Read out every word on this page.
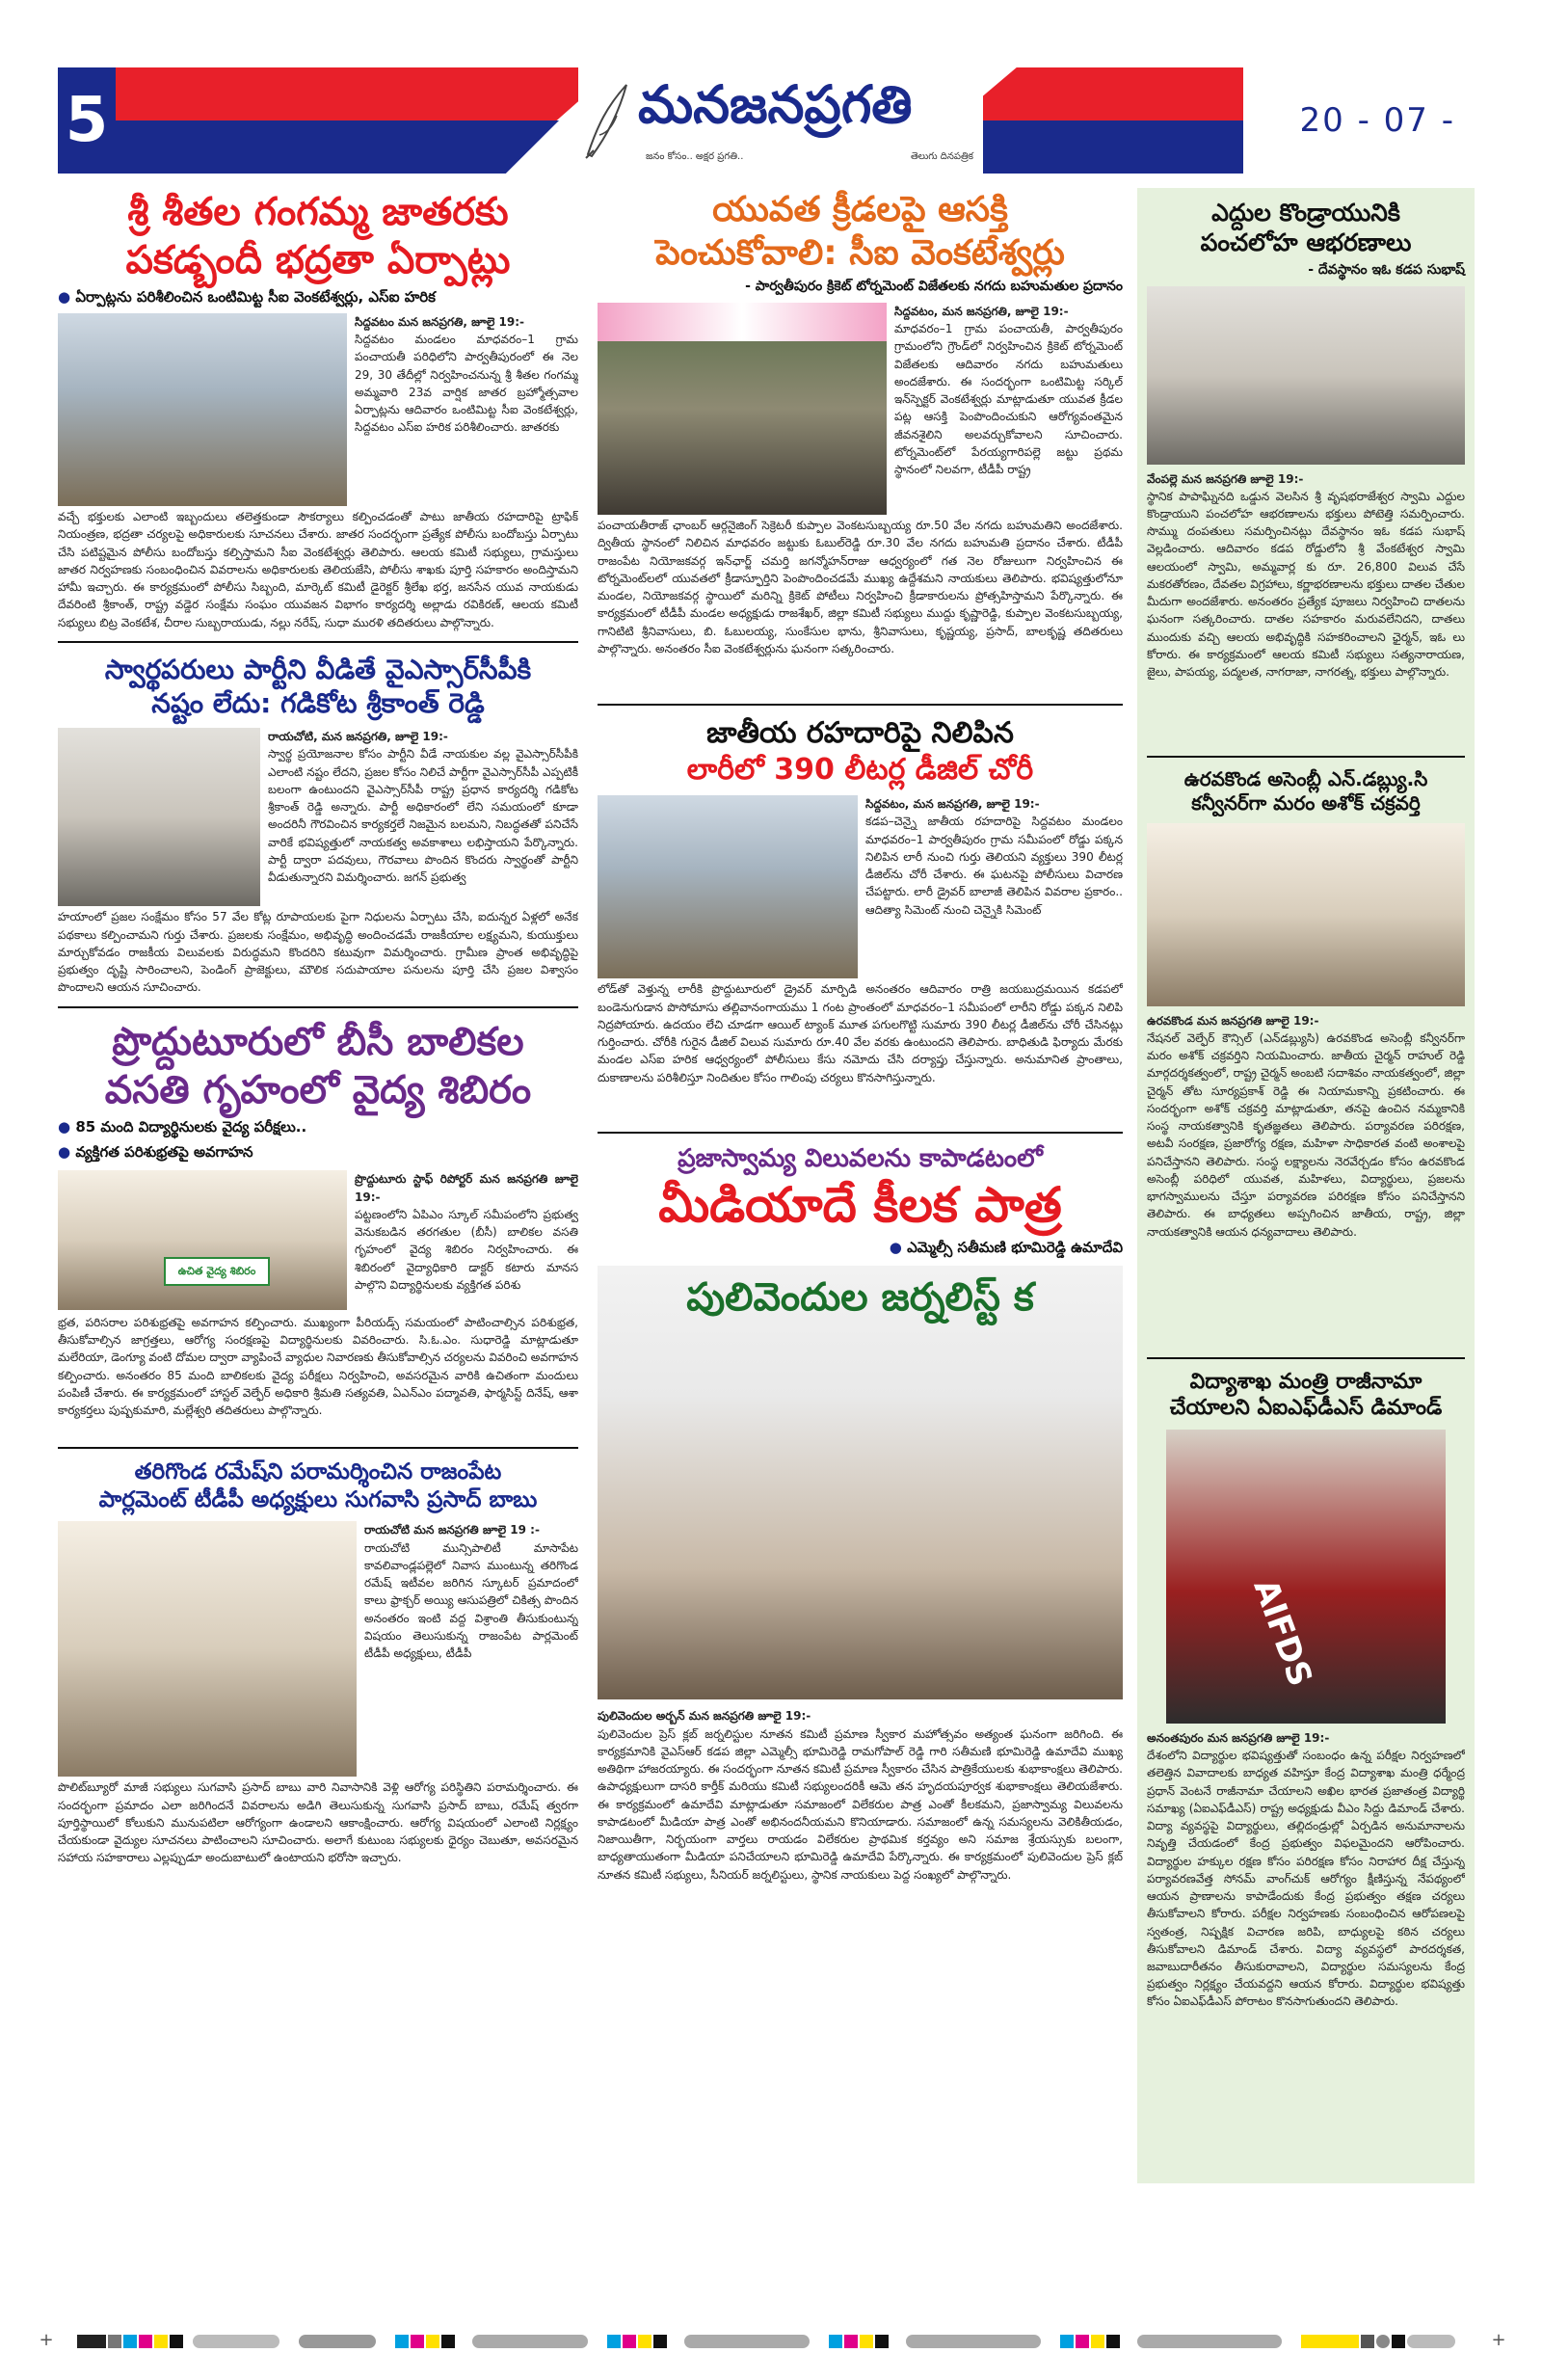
5	మనజనప్రగతి
జనం కోసం.. అక్షర ప్రగతి..	తెలుగు దినపత్రిక
20 - 07 -
శ్రీ శీతల గంగమ్మ జాతరకు
పకడ్బందీ భద్రతా ఏర్పాట్లు
● ఏర్పాట్లను పరిశీలించిన ఒంటిమిట్ట సీఐ వెంకటేశ్వర్లు, ఎస్ఐ హరిక
సిద్దవటం మన జనప్రగతి, జూలై 19:-
సిద్దవటం మండలం మాధవరం–1 గ్రామ పంచాయతీ పరిధిలోని పార్వతీపురంలో ఈ నెల 29, 30 తేదీల్లో నిర్వహించనున్న శ్రీ శీతల గంగమ్మ అమ్మవారి 23వ వార్షిక జాతర బ్రహ్మోత్సవాల ఏర్పాట్లను ఆదివారం ఒంటిమిట్ట సీఐ వెంకటేశ్వర్లు, సిద్దవటం ఎస్ఐ హరిక పరిశీలించారు. జాతరకు
వచ్చే భక్తులకు ఎలాంటి ఇబ్బందులు తలెత్తకుండా సౌకర్యాలు కల్పించడంతో పాటు జాతీయ రహదారిపై ట్రాఫిక్ నియంత్రణ, భద్రతా చర్యలపై అధికారులకు సూచనలు చేశారు. జాతర సందర్భంగా ప్రత్యేక పోలీసు బందోబస్తు ఏర్పాటు చేసి పటిష్టమైన పోలీసు బందోబస్తు కల్పిస్తామని సీఐ వెంకటేశ్వర్లు తెలిపారు. ఆలయ కమిటీ సభ్యులు, గ్రామస్తులు జాతర నిర్వహణకు సంబంధించిన వివరాలను అధికారులకు తెలియజేసి, పోలీసు శాఖకు పూర్తి సహకారం అందిస్తామని హామీ ఇచ్చారు. ఈ కార్యక్రమంలో పోలీసు సిబ్బంది, మార్కెట్ కమిటీ డైరెక్టర్ శ్రీలేఖ భర్త, జనసేన యువ నాయకుడు దేవరింటి శ్రీకాంత్, రాష్ట్ర వడ్డెర సంక్షేమ సంఘం యువజన విభాగం కార్యదర్శి అల్లాడు రవికిరణ్, ఆలయ కమిటీ సభ్యులు బిట్ర వెంకటేశ, చీరాల సుబ్బరాయుడు, నల్లు నరేష్, సుధా మురళి తదితరులు పాల్గొన్నారు.
స్వార్థపరులు పార్టీని వీడితే వైఎస్సార్‌సీపీకి
నష్టం లేదు: గడికోట శ్రీకాంత్ రెడ్డి
రాయచోటి, మన జనప్రగతి, జూలై 19:-
స్వార్థ ప్రయోజనాల కోసం పార్టీని వీడే నాయకుల వల్ల వైఎస్సార్‌సీపీకి ఎలాంటి నష్టం లేదని, ప్రజల కోసం నిలిచే పార్టీగా వైఎస్సార్‌సీపీ ఎప్పటికీ బలంగా ఉంటుందని వైఎస్సార్‌సీపీ రాష్ట్ర ప్రధాన కార్యదర్శి గడికోట శ్రీకాంత్ రెడ్డి అన్నారు. పార్టీ అధికారంలో లేని సమయంలో కూడా అందరినీ గౌరవించిన కార్యకర్తలే నిజమైన బలమని, నిబద్ధతతో పనిచేసే వారికే భవిష్యత్తులో నాయకత్వ అవకాశాలు లభిస్తాయని పేర్కొన్నారు. పార్టీ ద్వారా పదవులు, గౌరవాలు పొందిన కొందరు స్వార్థంతో పార్టీని వీడుతున్నారని విమర్శించారు. జగన్ ప్రభుత్వ
హయాంలో ప్రజల సంక్షేమం కోసం 57 వేల కోట్ల రూపాయలకు పైగా నిధులను ఏర్పాటు చేసి, ఐదున్నర ఏళ్లలో అనేక పథకాలు కల్పించామని గుర్తు చేశారు. ప్రజలకు సంక్షేమం, అభివృద్ధి అందించడమే రాజకీయాల లక్ష్యమని, కుయుక్తులు మార్చుకోవడం రాజకీయ విలువలకు విరుద్ధమని కొందరిని కటువుగా విమర్శించారు. గ్రామీణ ప్రాంత అభివృద్ధిపై ప్రభుత్వం దృష్టి సారించాలని, పెండింగ్ ప్రాజెక్టులు, మౌలిక సదుపాయాల పనులను పూర్తి చేసి ప్రజల విశ్వాసం పొందాలని ఆయన సూచించారు.
ప్రొద్దుటూరులో బీసీ బాలికల
వసతి గృహంలో వైద్య శిబిరం
● 85 మంది విద్యార్థినులకు వైద్య పరీక్షలు..
● వ్యక్తిగత పరిశుభ్రతపై అవగాహన
ఉచిత వైద్య శిబిరం
ప్రొద్దుటూరు స్టాఫ్ రిపోర్టర్ మన జనప్రగతి జూలై 19:-
పట్టణంలోని ఏపిఎం స్కూల్ సమీపంలోని ప్రభుత్వ వెనుకబడిన తరగతుల (బీసీ) బాలికల వసతి గృహంలో వైద్య శిబిరం నిర్వహించారు. ఈ శిబిరంలో వైద్యాధికారి డాక్టర్ కటారు మానస పాల్గొని విద్యార్థినులకు వ్యక్తిగత పరిశు
భ్రత, పరిసరాల పరిశుభ్రతపై అవగాహన కల్పించారు. ముఖ్యంగా పీరియడ్స్ సమయంలో పాటించాల్సిన పరిశుభ్రత, తీసుకోవాల్సిన జాగ్రత్తలు, ఆరోగ్య సంరక్షణపై విద్యార్థినులకు వివరించారు. సి.ఓ.ఎం. సుధారెడ్డి మాట్లాడుతూ మలేరియా, డెంగ్యూ వంటి దోమల ద్వారా వ్యాపించే వ్యాధుల నివారణకు తీసుకోవాల్సిన చర్యలను వివరించి అవగాహన కల్పించారు. అనంతరం 85 మంది బాలికలకు వైద్య పరీక్షలు నిర్వహించి, అవసరమైన వారికి ఉచితంగా మందులు పంపిణీ చేశారు. ఈ కార్యక్రమంలో హాస్టల్ వెల్ఫేర్ అధికారి శ్రీమతి సత్యవతి, ఏఎన్ఎం పద్మావతి, ఫార్మసిస్ట్ దినేష్, ఆశా కార్యకర్తలు పుష్పకుమారి, మల్లేశ్వరి తదితరులు పాల్గొన్నారు.
తరిగొండ రమేష్‌ని పరామర్శించిన రాజంపేట
పార్లమెంట్ టీడీపీ అధ్యక్షులు సుగవాసి ప్రసాద్ బాబు
రాయచోటి మన జనప్రగతి జూలై 19 :-
రాయచోటి మున్సిపాలిటీ మాసాపేట కావలివాండ్లపల్లెలో నివాస ముంటున్న తరిగొండ రమేష్ ఇటీవల జరిగిన స్కూటర్ ప్రమాదంలో కాలు ఫ్రాక్చర్ అయ్యి ఆసుపత్రిలో చికిత్స పొందిన అనంతరం ఇంటి వద్ద విశ్రాంతి తీసుకుంటున్న విషయం తెలుసుకున్న రాజంపేట పార్లమెంట్ టీడీపీ అధ్యక్షులు, టీడీపీ
పొలిట్‌బ్యూరో మాజీ సభ్యులు సుగవాసి ప్రసాద్ బాబు వారి నివాసానికి వెళ్లి ఆరోగ్య పరిస్థితిని పరామర్శించారు. ఈ సందర్భంగా ప్రమాదం ఎలా జరిగిందనే వివరాలను అడిగి తెలుసుకున్న సుగవాసి ప్రసాద్ బాబు, రమేష్ త్వరగా పూర్తిస్థాయిలో కోలుకుని మునుపటిలా ఆరోగ్యంగా ఉండాలని ఆకాంక్షించారు. ఆరోగ్య విషయంలో ఎలాంటి నిర్లక్ష్యం చేయకుండా వైద్యుల సూచనలు పాటించాలని సూచించారు. అలాగే కుటుంబ సభ్యులకు ధైర్యం చెబుతూ, అవసరమైన సహాయ సహకారాలు ఎల్లప్పుడూ అందుబాటులో ఉంటాయని భరోసా ఇచ్చారు.
యువత క్రీడలపై ఆసక్తి
పెంచుకోవాలి: సీఐ వెంకటేశ్వర్లు
- పార్వతీపురం క్రికెట్ టోర్నమెంట్ విజేతలకు నగదు బహుమతుల ప్రదానం
సిద్దవటం, మన జనప్రగతి, జూలై 19:-
మాధవరం–1 గ్రామ పంచాయతీ, పార్వతీపురం గ్రామంలోని గ్రౌండ్‌లో నిర్వహించిన క్రికెట్ టోర్నమెంట్ విజేతలకు ఆదివారం నగదు బహుమతులు అందజేశారు. ఈ సందర్భంగా ఒంటిమిట్ట సర్కిల్ ఇన్‌స్పెక్టర్ వెంకటేశ్వర్లు మాట్లాడుతూ యువత క్రీడల పట్ల ఆసక్తి పెంపొందించుకుని ఆరోగ్యవంతమైన జీవనశైలిని అలవర్చుకోవాలని సూచించారు. టోర్నమెంట్‌లో పేరయ్యగారిపల్లె జట్టు ప్రథమ స్థానంలో నిలవగా, టీడీపీ రాష్ట్ర
పంచాయతీరాజ్ ఛాంబర్ ఆర్గనైజింగ్ సెక్రెటరీ కుప్పాల వెంకటసుబ్బయ్య రూ.50 వేల నగదు బహుమతిని అందజేశారు. ద్వితీయ స్థానంలో నిలిచిన మాధవరం జట్టుకు ఓబుల్‌రెడ్డి రూ.30 వేల నగదు బహుమతి ప్రదానం చేశారు. టీడీపీ రాజంపేట నియోజకవర్గ ఇన్‌ఛార్జ్ చమర్తి జగన్మోహన్‌రాజు ఆధ్వర్యంలో గత నెల రోజులుగా నిర్వహించిన ఈ టోర్నమెంట్‌లలో యువతలో క్రీడాస్ఫూర్తిని పెంపొందించడమే ముఖ్య ఉద్దేశమని నాయకులు తెలిపారు. భవిష్యత్తులోనూ మండల, నియోజకవర్గ స్థాయిలో మరిన్ని క్రికెట్ పోటీలు నిర్వహించి క్రీడాకారులను ప్రోత్సహిస్తామని పేర్కొన్నారు. ఈ కార్యక్రమంలో టీడీపీ మండల అధ్యక్షుడు రాజశేఖర్, జిల్లా కమిటీ సభ్యులు ముద్దు కృష్ణారెడ్డి, కుప్పాల వెంకటసుబ్బయ్య, గానిటిటి శ్రీనివాసులు, బి. ఓబులయ్య, సుంకేసుల భాను, శ్రీనివాసులు, కృష్ణయ్య, ప్రసాద్, బాలకృష్ణ తదితరులు పాల్గొన్నారు. అనంతరం సీఐ వెంకటేశ్వర్లును ఘనంగా సత్కరించారు.
జాతీయ రహదారిపై నిలిపిన
లారీలో 390 లీటర్ల డీజిల్ చోరీ
సిద్దవటం, మన జనప్రగతి, జూలై 19:-
కడప–చెన్నై జాతీయ రహదారిపై సిద్దవటం మండలం మాధవరం–1 పార్వతీపురం గ్రామ సమీపంలో రోడ్డు పక్కన నిలిపిన లారీ నుంచి గుర్తు తెలియని వ్యక్తులు 390 లీటర్ల డీజిల్‌ను చోరీ చేశారు. ఈ ఘటనపై పోలీసులు విచారణ చేపట్టారు. లారీ డ్రైవర్ బాలాజీ తెలిపిన వివరాల ప్రకారం.. ఆదిత్యా సిమెంట్ నుంచి చెన్నైకి సిమెంట్
లోడ్‌తో వెళ్తున్న లారీకి ప్రొద్దుటూరులో డ్రైవర్ మార్పిడి అనంతరం ఆదివారం రాత్రి జయబుద్రమయిన కడపలో బండెనుగుడాన పొసోమాసు తల్లివానంగాయము 1 గంట ప్రాంతంలో మాధవరం–1 సమీపంలో లారీని రోడ్డు పక్కన నిలిపి నిద్రపోయారు. ఉదయం లేచి చూడగా ఆయిల్ ట్యాంక్ మూత పగులగొట్టి సుమారు 390 లీటర్ల డీజిల్‌ను చోరీ చేసినట్లు గుర్తించారు. చోరీకి గురైన డీజిల్ విలువ సుమారు రూ.40 వేల వరకు ఉంటుందని తెలిపారు. బాధితుడి ఫిర్యాదు మేరకు మండల ఎస్ఐ హరిక ఆధ్వర్యంలో పోలీసులు కేసు నమోదు చేసి దర్యాప్తు చేస్తున్నారు. అనుమానిత ప్రాంతాలు, దుకాణాలను పరిశీలిస్తూ నిందితుల కోసం గాలింపు చర్యలు కొనసాగిస్తున్నారు.
ప్రజాస్వామ్య విలువలను కాపాడటంలో
మీడియాదే కీలక పాత్ర
● ఎమ్మెల్సీ సతీమణి భూమిరెడ్డి ఉమాదేవి
పులివెందుల జర్నలిస్ట్ క
పులివెందుల అర్బన్ మన జనప్రగతి జూలై 19:-
పులివెందుల ప్రెస్ క్లబ్ జర్నలిస్టుల నూతన కమిటీ ప్రమాణ స్వీకార మహోత్సవం అత్యంత ఘనంగా జరిగింది. ఈ కార్యక్రమానికి వైఎస్ఆర్ కడప జిల్లా ఎమ్మెల్సీ భూమిరెడ్డి రామగోపాల్ రెడ్డి గారి సతీమణి భూమిరెడ్డి ఉమాదేవి ముఖ్య అతిథిగా హాజరయ్యారు. ఈ సందర్భంగా నూతన కమిటీ ప్రమాణ స్వీకారం చేసిన పాత్రికేయులకు శుభాకాంక్షలు తెలిపారు. ఉపాధ్యక్షులుగా దాసరి కార్తీక్ మరియు కమిటీ సభ్యులందరికీ ఆమె తన హృదయపూర్వక శుభాకాంక్షలు తెలియజేశారు. ఈ కార్యక్రమంలో ఉమాదేవి మాట్లాడుతూ సమాజంలో విలేకరుల పాత్ర ఎంతో కీలకమని, ప్రజాస్వామ్య విలువలను కాపాడటంలో మీడియా పాత్ర ఎంతో అభినందనీయమని కొనియాడారు. సమాజంలో ఉన్న సమస్యలను వెలికితీయడం, నిజాయితీగా, నిర్భయంగా వార్తలు రాయడం విలేకరుల ప్రాథమిక కర్తవ్యం అని సమాజ శ్రేయస్సుకు బలంగా, బాధ్యతాయుతంగా మీడియా పనిచేయాలని భూమిరెడ్డి ఉమాదేవి పేర్కొన్నారు. ఈ కార్యక్రమంలో పులివెందుల ప్రెస్ క్లబ్ నూతన కమిటీ సభ్యులు, సీనియర్ జర్నలిస్టులు, స్థానిక నాయకులు పెద్ద సంఖ్యలో పాల్గొన్నారు.
ఎద్దుల కొండ్రాయునికి
పంచలోహ ఆభరణాలు
- దేవస్థానం ఇఓ కడప సుభాష్
వేంపల్లె మన జనప్రగతి జూలై 19:-
స్థానిక పాపాఘ్నినది ఒడ్డున వెలసిన శ్రీ వృషభరాజేశ్వర స్వామి ఎద్దుల కొండ్రాయుని పంచలోహ ఆభరణాలను భక్తులు పోటెత్తి సమర్పించారు. సొమ్ము దంపతులు సమర్పించినట్లు దేవస్థానం ఇఓ కడప సుభాష్ వెల్లడించారు. ఆదివారం కడప రోడ్డులోని శ్రీ వేంకటేశ్వర స్వామి ఆలయంలో స్వామి, అమ్మవార్ల కు రూ. 26,800 విలువ చేసే మకరతోరణం, దేవతల విగ్రహాలు, కర్ణాభరణాలను భక్తులు దాతల చేతుల మీదుగా అందజేశారు. అనంతరం ప్రత్యేక పూజలు నిర్వహించి దాతలను ఘనంగా సత్కరించారు. దాతల సహకారం మరువలేనిదని, దాతలు ముందుకు వచ్చి ఆలయ అభివృద్ధికి సహకరించాలని ఛైర్మన్, ఇఓ లు కోరారు. ఈ కార్యక్రమంలో ఆలయ కమిటీ సభ్యులు సత్యనారాయణ, జైలు, పాపయ్య, పద్మలత, నాగరాజా, నాగరత్న, భక్తులు పాల్గొన్నారు.
ఉరవకొండ అసెంబ్లీ ఎన్.డబ్ల్యు.సి
కన్వీనర్‌గా మరం అశోక్ చక్రవర్తి
ఉరవకొండ మన జనప్రగతి జూలై 19:-
నేషనల్ వెల్ఫేర్ కౌన్సిల్ (ఎన్‌డబ్ల్యుసి) ఉరవకొండ అసెంబ్లీ కన్వీనర్‌గా మరం అశోక్ చక్రవర్తిని నియమించారు. జాతీయ చైర్మన్ రాహుల్ రెడ్డి మార్గదర్శకత్వంలో, రాష్ట్ర చైర్మన్ అంబటి సదాశివం నాయకత్వంలో, జిల్లా చైర్మన్ తోట సూర్యప్రకాశ్ రెడ్డి ఈ నియామకాన్ని ప్రకటించారు. ఈ సందర్భంగా అశోక్ చక్రవర్తి మాట్లాడుతూ, తనపై ఉంచిన నమ్మకానికి సంస్థ నాయకత్వానికి కృతజ్ఞతలు తెలిపారు. పర్యావరణ పరిరక్షణ, అటవీ సంరక్షణ, ప్రజారోగ్య రక్షణ, మహిళా సాధికారత వంటి అంశాలపై పనిచేస్తానని తెలిపారు. సంస్థ లక్ష్యాలను నెరవేర్చడం కోసం ఉరవకొండ అసెంబ్లీ పరిధిలో యువత, మహిళలు, విద్యార్థులు, ప్రజలను భాగస్వాములను చేస్తూ పర్యావరణ పరిరక్షణ కోసం పనిచేస్తానని తెలిపారు. ఈ బాధ్యతలు అప్పగించిన జాతీయ, రాష్ట్ర, జిల్లా నాయకత్వానికి ఆయన ధన్యవాదాలు తెలిపారు.
విద్యాశాఖ మంత్రి రాజీనామా
చేయాలని ఏఐఎఫ్‌డీఎస్ డిమాండ్
AIFDS
అనంతపురం మన జనప్రగతి జూలై 19:-
దేశంలోని విద్యార్థుల భవిష్యత్తుతో సంబంధం ఉన్న పరీక్షల నిర్వహణలో తలెత్తిన వివాదాలకు బాధ్యత వహిస్తూ కేంద్ర విద్యాశాఖ మంత్రి ధర్మేంద్ర ప్రధాన్ వెంటనే రాజీనామా చేయాలని అఖిల భారత ప్రజాతంత్ర విద్యార్థి సమాఖ్య (ఏఐఎఫ్‌డీఎస్) రాష్ట్ర అధ్యక్షుడు వీఎం సిద్దు డిమాండ్ చేశారు. విద్యా వ్యవస్థపై విద్యార్థులు, తల్లిదండ్రుల్లో ఏర్పడిన అనుమానాలను నివృత్తి చేయడంలో కేంద్ర ప్రభుత్వం విఫలమైందని ఆరోపించారు. విద్యార్థుల హక్కుల రక్షణ కోసం పరిరక్షణ కోసం నిరాహార దీక్ష చేస్తున్న పర్యావరణవేత్త సోనమ్ వాంగ్‌చుక్ ఆరోగ్యం క్షీణిస్తున్న నేపథ్యంలో ఆయన ప్రాణాలను కాపాడేందుకు కేంద్ర ప్రభుత్వం తక్షణ చర్యలు తీసుకోవాలని కోరారు. పరీక్షల నిర్వహణకు సంబంధించిన ఆరోపణలపై స్వతంత్ర, నిష్పక్షిక విచారణ జరిపి, బాధ్యులపై కఠిన చర్యలు తీసుకోవాలని డిమాండ్ చేశారు. విద్యా వ్యవస్థలో పారదర్శకత, జవాబుదారీతనం తీసుకురావాలని, విద్యార్థుల సమస్యలను కేంద్ర ప్రభుత్వం నిర్లక్ష్యం చేయవద్దని ఆయన కోరారు. విద్యార్థుల భవిష్యత్తు కోసం ఏఐఎఫ్‌డీఎస్ పోరాటం కొనసాగుతుందని తెలిపారు.
+	+
